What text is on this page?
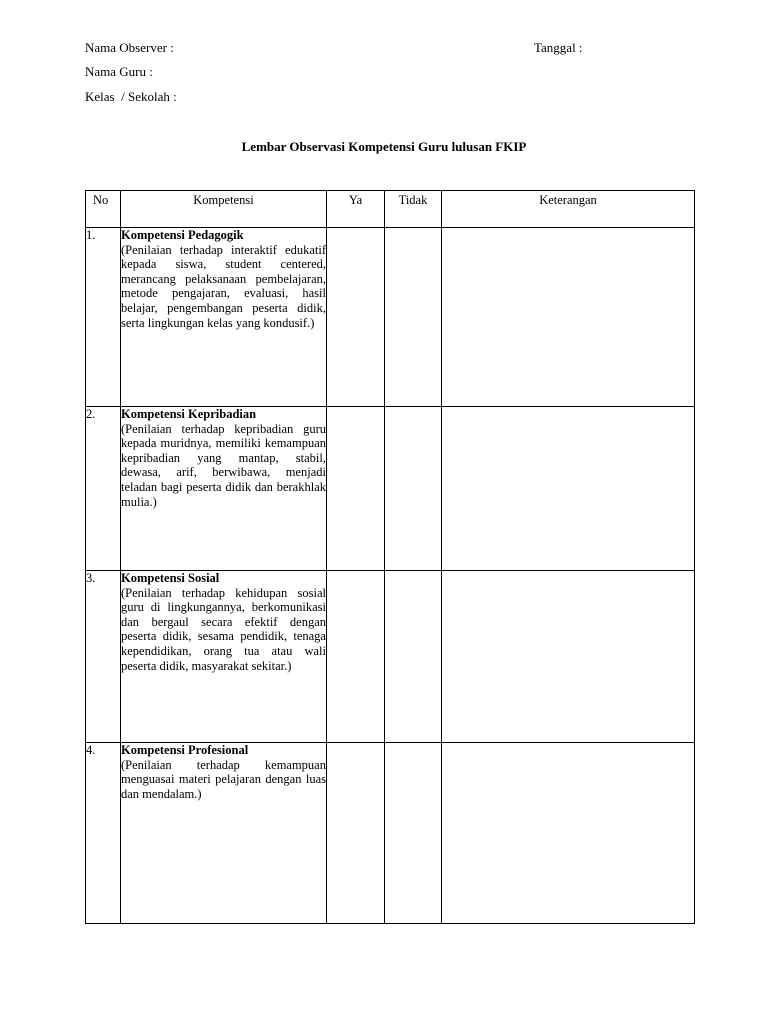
Nama Observer :	Tanggal :
Nama Guru :
Kelas  / Sekolah :
Lembar Observasi Kompetensi Guru lulusan FKIP
No	Kompetensi	Ya	Tidak	Keterangan
1.	Kompetensi Pedagogik
(Penilaian terhadap interaktif edukatif kepada siswa, student centered, merancang pelaksanaan pembelajaran, metode pengajaran, evaluasi, hasil belajar, pengembangan peserta didik, serta lingkungan kelas yang kondusif.)			

2.	Kompetensi Kepribadian
(Penilaian terhadap kepribadian guru kepada muridnya, memiliki kemampuan kepribadian yang mantap, stabil, dewasa, arif, berwibawa, menjadi teladan bagi peserta didik dan berakhlak mulia.)			

3.	Kompetensi Sosial
(Penilaian terhadap kehidupan sosial guru di lingkungannya, berkomunikasi dan bergaul secara efektif dengan peserta didik, sesama pendidik, tenaga kependidikan, orang tua atau wali peserta didik, masyarakat sekitar.)			

4.	Kompetensi Profesional
(Penilaian terhadap kemampuan menguasai materi pelajaran dengan luas dan mendalam.)			
